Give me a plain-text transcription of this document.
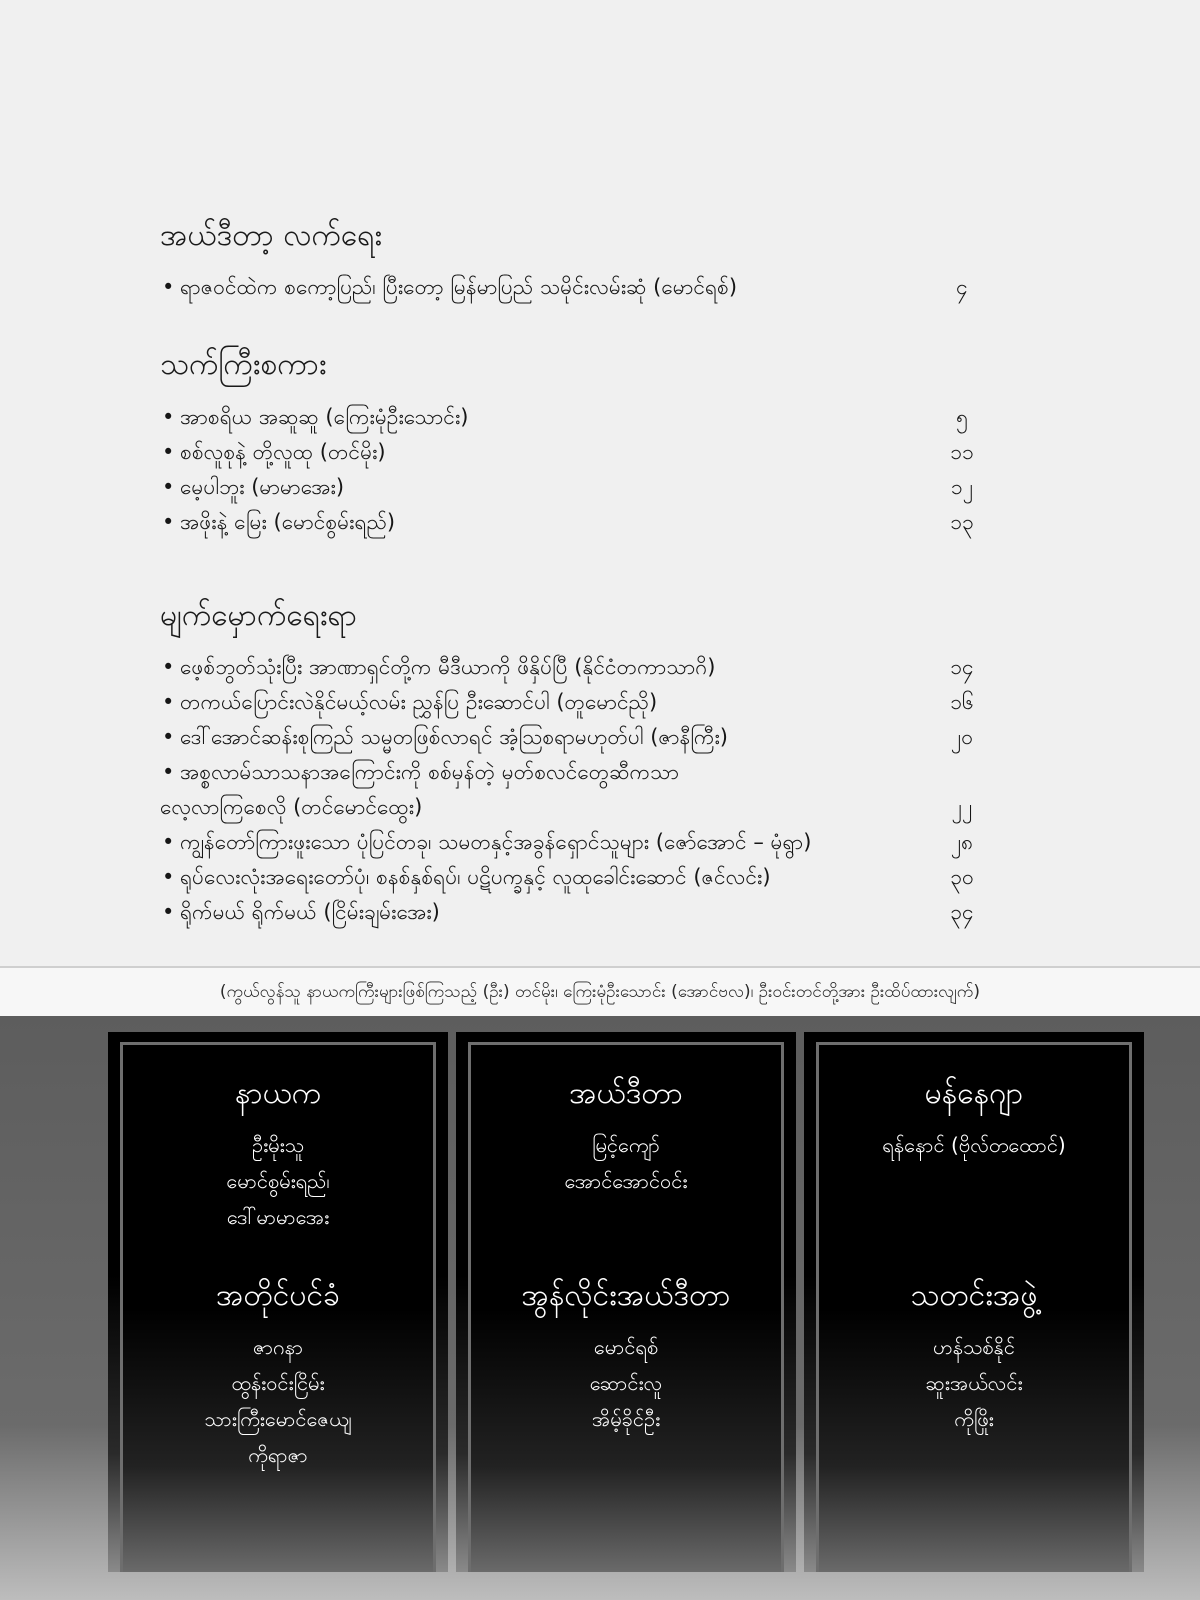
အယ်ဒီတာ့ လက်ရေး
• ရာဇဝင်ထဲက စကော့ပြည်၊ ပြီးတော့ မြန်မာပြည် သမိုင်းလမ်းဆုံ (မောင်ရစ်)	၄
သက်ကြီးစကား
• အာစရိယ အဆူဆူ (ကြေးမုံဦးသောင်း)	၅
• စစ်လူစုနဲ့ တို့လူထု (တင်မိုး)	၁၁
• မေ့ပါဘူး (မာမာအေး)	၁၂
• အဖိုးနဲ့ မြေး (မောင်စွမ်းရည်)	၁၃
မျက်မှောက်ရေးရာ
• ဖေ့စ်ဘွတ်သုံးပြီး အာဏာရှင်တို့က မီဒီယာကို ဖိနှိပ်ပြီ (နိုင်ငံတကာသာဂိ)	၁၄
• တကယ်ပြောင်းလဲနိုင်မယ့်လမ်း ညွှန်ပြ ဦးဆောင်ပါ (တူမောင်ညို)	၁၆
• ဒေါ်အောင်ဆန်းစုကြည် သမ္မတဖြစ်လာရင် အံ့သြစရာမဟုတ်ပါ (ဇာနီကြီး)	၂၀
• အစ္စလာမ်သာသနာအကြောင်းကို စစ်မှန်တဲ့ မှတ်စလင်တွေဆီကသာ
လေ့လာကြစေလို (တင်မောင်ထွေး)	၂၂
• ကျွန်တော်ကြားဖူးသော ပုံပြင်တခု၊ သမတနှင့်အခွန်ရှောင်သူများ (ဇော်အောင် – မုံရွာ)	၂၈
• ရုပ်လေးလုံးအရေးတော်ပုံ၊ စနစ်နှစ်ရပ်၊ ပဋိပက္ခနှင့် လူထုခေါင်းဆောင် (ဇင်လင်း)	၃၀
• ရိုက်မယ် ရိုက်မယ် (ငြိမ်းချမ်းအေး)	၃၄
(ကွယ်လွန်သူ နာယကကြီးများဖြစ်ကြသည့် (ဦး) တင်မိုး၊ ကြေးမုံဦးသောင်း (အောင်ဗလ)၊ ဦးဝင်းတင်တို့အား ဦးထိပ်ထားလျက်)
နာယက
ဦးမိုးသူ
မောင်စွမ်းရည်၊
ဒေါ်မာမာအေး
အတိုင်ပင်ခံ
ဇာဂနာ
ထွန်းဝင်းငြိမ်း
သားကြီးမောင်ဇေယျ
ကိုရာဇာ
အယ်ဒီတာ
မြင့်ကျော်
အောင်အောင်ဝင်း
အွန်လိုင်းအယ်ဒီတာ
မောင်ရစ်
ဆောင်းလူ
အိမ့်ခိုင်ဦး
မန်နေဂျာ
ရန်နောင် (ဗိုလ်တထောင်)
သတင်းအဖွဲ့
ဟန်သစ်နိုင်
ဆူးအယ်လင်း
ကိုဖြိုး
